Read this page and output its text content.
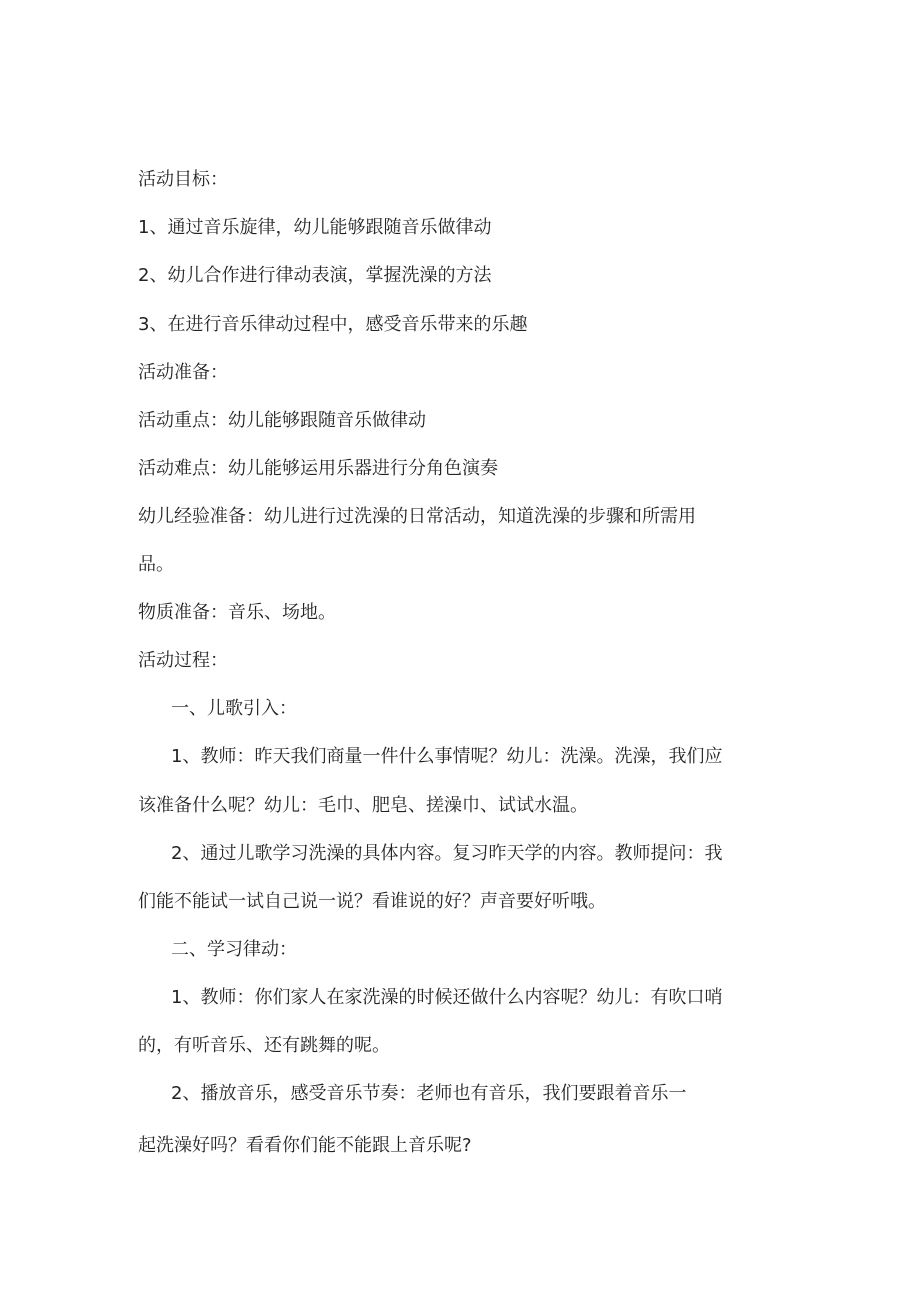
活动目标：

1、通过音乐旋律，幼儿能够跟随音乐做律动

2、幼儿合作进行律动表演，掌握洗澡的方法

3、在进行音乐律动过程中，感受音乐带来的乐趣

活动准备：

活动重点：幼儿能够跟随音乐做律动

活动难点：幼儿能够运用乐器进行分角色演奏

幼儿经验准备：幼儿进行过洗澡的日常活动，知道洗澡的步骤和所需用

品。

物质准备：音乐、场地。

活动过程：

一、儿歌引入：

1、教师：昨天我们商量一件什么事情呢？幼儿：洗澡。洗澡，我们应

该准备什么呢？幼儿：毛巾、肥皂、搓澡巾、试试水温。

2、通过儿歌学习洗澡的具体内容。复习昨天学的内容。教师提问：我

们能不能试一试自己说一说？看谁说的好？声音要好听哦。

二、学习律动：

1、教师：你们家人在家洗澡的时候还做什么内容呢？幼儿：有吹口哨

的，有听音乐、还有跳舞的呢。

2、播放音乐，感受音乐节奏：老师也有音乐，我们要跟着音乐一

起洗澡好吗？看看你们能不能跟上音乐呢?
